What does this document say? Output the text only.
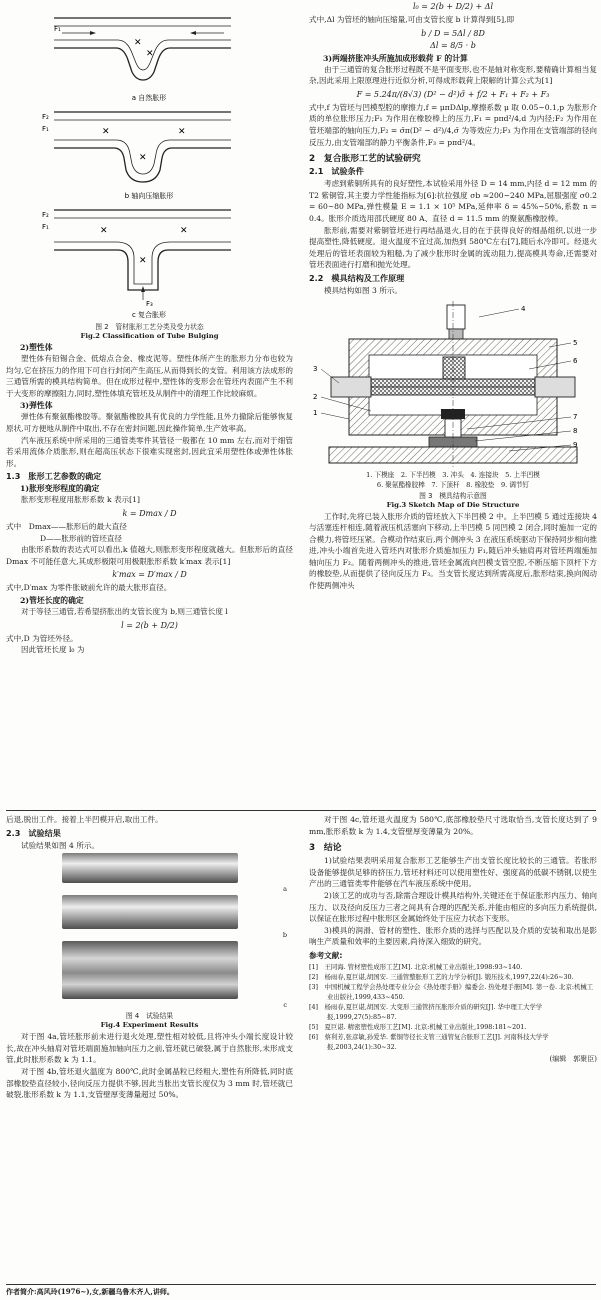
✕
✕
F₁
a 自然胀形
✕	✕
✕
F₂
F₁
b 轴向压缩胀形
✕	✕
✕
F₂
F₁
F₃
c 复合胀形
图 2　管材胀形工艺分类及受力状态
Fig.2 Classification of Tube Bulging
2)塑性体

塑性体有铅锡合金、低熔点合金、橡皮泥等。塑性体所产生的胀形力分布也较为均匀,它在挤压力的作用下可自行封闭产生高压,从而得到长的支管。利用该方法成形的三通管所需的模具结构简单。但在成形过程中,塑性体的变形会在管坯内表面产生不利于大变形的摩擦阻力,同时,塑性体填充管坯及从制件中的清理工作比较麻烦。

3)弹性体

弹性体有聚氨酯橡胶等。聚氨酯橡胶具有优良的力学性能,且外力撤除后能够恢复原状,可方便地从制件中取出,不存在密封问题,因此操作简单,生产效率高。

汽车液压系统中所采用的三通管类零件其管径一般都在 10 mm 左右,而对于细管若采用流体介质胀形,则在超高压状态下很难实现密封,因此宜采用塑性体或弹性体胀形。

1.3　胀形工艺参数的确定
1)胀形变形程度的确定

胀形变形程度用胀形系数 k 表示[1]

k = Dmax / D

式中　Dmax——胀形后的最大直径

D——胀形前的管坯直径

由胀形系数的表达式可以看出,k 值越大,则胀形变形程度就越大。但胀形后的直径 Dmax 不可能任意大,其成形极限可用极限胀形系数 k′max 表示[1]

k′max = D′max / D

式中,D′max 为零件胀破前允许的最大胀形直径。

2)管坯长度的确定

对于等径三通管,若希望挤胀出的支管长度为 b,则三通管长度 l

l = 2(b + D/2)

式中,D 为管坯外径。

因此管坯长度 l₀ 为

l₀ = 2(b + D/2) + Δl

式中,Δl 为管坯的轴向压缩量,可由支管长度 b 计算得到[5],即

b / D = 5Δl / 8D
Δl = 8/5 · b
3)两端挤胀冲头所施加成形载荷 F 的计算

由于三通管的复合胀形过程既不是平面变形,也不是轴对称变形,要精确计算相当复杂,因此采用上限原理进行近似分析,可得成形载荷上限解的计算公式为[1]

F = 5.24π/(8√3) (D² − d²)σ̄ + f/2 + F₁ + F₂ + F₃

式中,f 为管坯与凹模型腔的摩擦力,f = μπDΔlp,摩擦系数 μ 取 0.05~0.1,p 为胀形介质的单位胀形压力;F₁ 为作用在橡胶棒上的压力,F₁ = pπd²/4,d 为内径;F₂ 为作用在管坯端部的轴向压力,F₂ = σ̄π(D² − d²)/4,σ̄ 为等效应力;F₃ 为作用在支管端部的径向反压力,由支管端部的静力平衡条件,F₃ = pπd²/4。

2　复合胀形工艺的试验研究
2.1　试验条件

考虑到紫铜所具有的良好塑性,本试验采用外径 D = 14 mm,内径 d = 12 mm 的 T2 紫铜管,其主要力学性能指标为[6]:抗拉强度 σb ≈200~240 MPa,屈服强度 σ0.2 = 60~80 MPa,弹性模量 E = 1.1 × 10⁵ MPa,延伸率 δ = 45%~50%,系数 n = 0.4。胀形介质选用邵氏硬度 80 A、直径 d = 11.5 mm 的聚氨酯橡胶棒。

胀形前,需要对紫铜管坯进行再结晶退火,目的在于获得良好的细晶组织,以进一步提高塑性,降低硬度。退火温度不宜过高,加热到 580℃左右[7],随后水冷即可。经退火处理后的管坯表面较为粗糙,为了减少胀形时金属的流动阻力,提高模具寿命,还需要对管坯表面进行打磨和抛光处理。

2.2　模具结构及工作原理

模具结构如图 3 所示。

4
5
6
7
8
9
1
2
3
1. 下模座　2. 下半凹模　3. 冲头　4. 连接块　5. 上半凹模
6. 聚氨酯橡胶棒　7. 下顶杆　8. 橡胶垫　9. 调节钉
图 3　模具结构示意图
Fig.3 Sketch Map of Die Structure

工作时,先将已装入胀形介质的管坯放入下半凹模 2 中。上半凹模 5 通过连接块 4 与活塞连杆相连,随着液压机活塞向下移动,上半凹模 5 同凹模 2 闭合,同时施加一定的合模力,将管坯压紧。合模动作结束后,两个侧冲头 3 在液压系统驱动下保持同步相向推进,冲头小端首先进入管坯内对胀形介质施加压力 F₁,随后冲头轴肩再对管坯两端施加轴向压力 F₂。随着两侧冲头的推进,管坯金属流向凹模支管空腔,不断压缩下顶杆下方的橡胶垫,从而提供了径向反压力 F₃。当支管长度达到所需高度后,胀形结束,换向阀动作使两侧冲头

后退,脱出工件。接着上半凹模开启,取出工件。

2.3　试验结果

试验结果如图 4 所示。

a
b
c
图 4　试验结果
Fig.4 Experiment Results

对于图 4a,管坯胀形前未进行退火处理,塑性相对较低,且将冲头小端长度设计较长,故在冲头轴肩对管坯端面施加轴向压力之前,管坯就已破裂,属于自然胀形,未形成支管,此时胀形系数 k 为 1.1。

对于图 4b,管坯退火温度为 800℃,此时金属晶粒已经粗大,塑性有所降低,同时底部橡胶垫直径较小,径向反压力提供不够,因此当胀出支管长度仅为 3 mm 时,管坯就已破裂,胀形系数 k 为 1.1,支管壁厚变薄量超过 50%。

对于图 4c,管坯退火温度为 580℃,底部橡胶垫尺寸选取恰当,支管长度达到了 9 mm,胀形系数 k 为 1.4,支管壁厚变薄量为 20%。

3　结论

1)试验结果表明采用复合胀形工艺能够生产出支管长度比较长的三通管。若胀形设备能够提供足够的挤压力,管坯材料还可以使用塑性好、强度高的低碳不锈钢,以使生产出的三通管类零件能够在汽车液压系统中使用。

2)该工艺的成功与否,除需合理设计模具结构外,关键还在于保证胀形内压力、轴向压力、以及径向反压力三者之间具有合理的匹配关系,并能由相应的多向压力系统提供,以保证在胀形过程中胀形区金属始终处于压应力状态下变形。

3)模具的润滑、管材的塑性、胀形介质的选择与匹配以及介质的安装和取出是影响生产质量和效率的主要因素,尚待深入细致的研究。

参考文献:

[1]　王同海. 管材塑性成形工艺[M]. 北京:机械工业出版社,1998:93~140.

[2]　杨雨春,夏巨谌,胡国安. 三通管整胀形工艺的力学分析[J]. 锻压技术,1997,22(4):26~30.

[3]　中国机械工程学会热处理专业分会《热处理手册》编委会. 热处理手册[M]. 第一卷. 北京:机械工业出版社,1999,433~450.

[4]　杨雨春,夏巨谌,胡国安. 大变形三通管挤压胀形介质的研究[J]. 华中理工大学学报,1999,27(5):85~87.

[5]　夏巨谌. 精密塑性成形工艺[M]. 北京:机械工业出版社,1998:181~201.

[6]　蔡利芳,张彦敏,孙爱华. 紫铜等径长支管三通管复合胀形工艺[J]. 河南科技大学学报,2003,24(1):30~32.

(编辑　郭聚臣)
作者简介:高风玲(1976~),女,新疆乌鲁木齐人,讲师。
